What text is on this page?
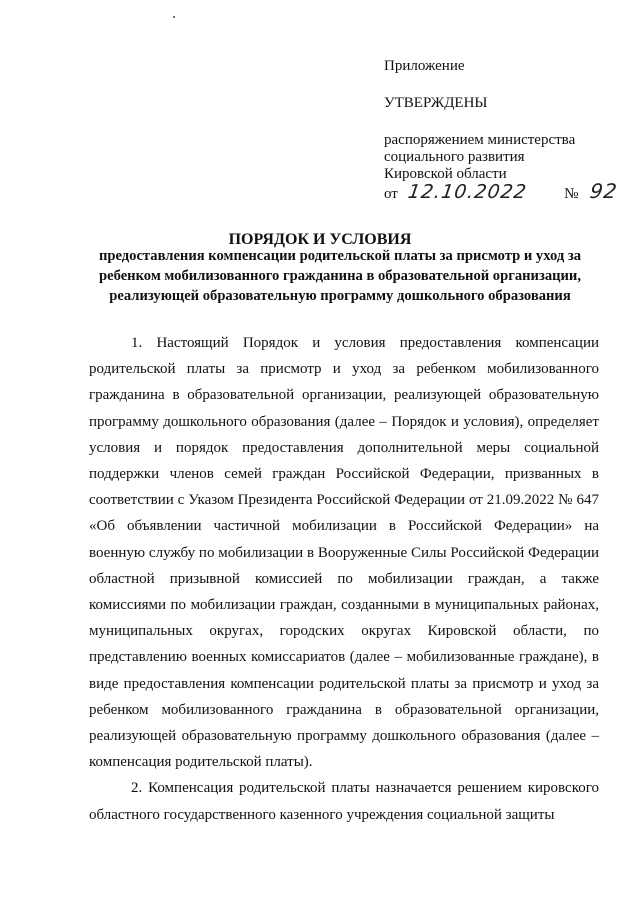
Приложение
УТВЕРЖДЕНЫ
распоряжением министерства
социального развития
Кировской области
от 12.10.2022 № 92
ПОРЯДОК И УСЛОВИЯ
предоставления компенсации родительской платы за присмотр и уход за ребенком мобилизованного гражданина в образовательной организации, реализующей образовательную программу дошкольного образования

1. Настоящий Порядок и условия предоставления компенсации родительской платы за присмотр и уход за ребенком мобилизованного гражданина в образовательной организации, реализующей образовательную программу дошкольного образования (далее – Порядок и условия), определяет условия и порядок предоставления дополнительной меры социальной поддержки членов семей граждан Российской Федерации, призванных в соответствии с Указом Президента Российской Федерации от 21.09.2022 № 647 «Об объявлении частичной мобилизации в Российской Федерации» на военную службу по мобилизации в Вооруженные Силы Российской Федерации областной призывной комиссией по мобилизации граждан, а также комиссиями по мобилизации граждан, созданными в муниципальных районах, муниципальных округах, городских округах Кировской области, по представлению военных комиссариатов (далее – мобилизованные граждане), в виде предоставления компенсации родительской платы за присмотр и уход за ребенком мобилизованного гражданина в образовательной организации, реализующей образовательную программу дошкольного образования (далее – компенсация родительской платы).

2. Компенсация родительской платы назначается решением кировского областного государственного казенного учреждения социальной защиты
